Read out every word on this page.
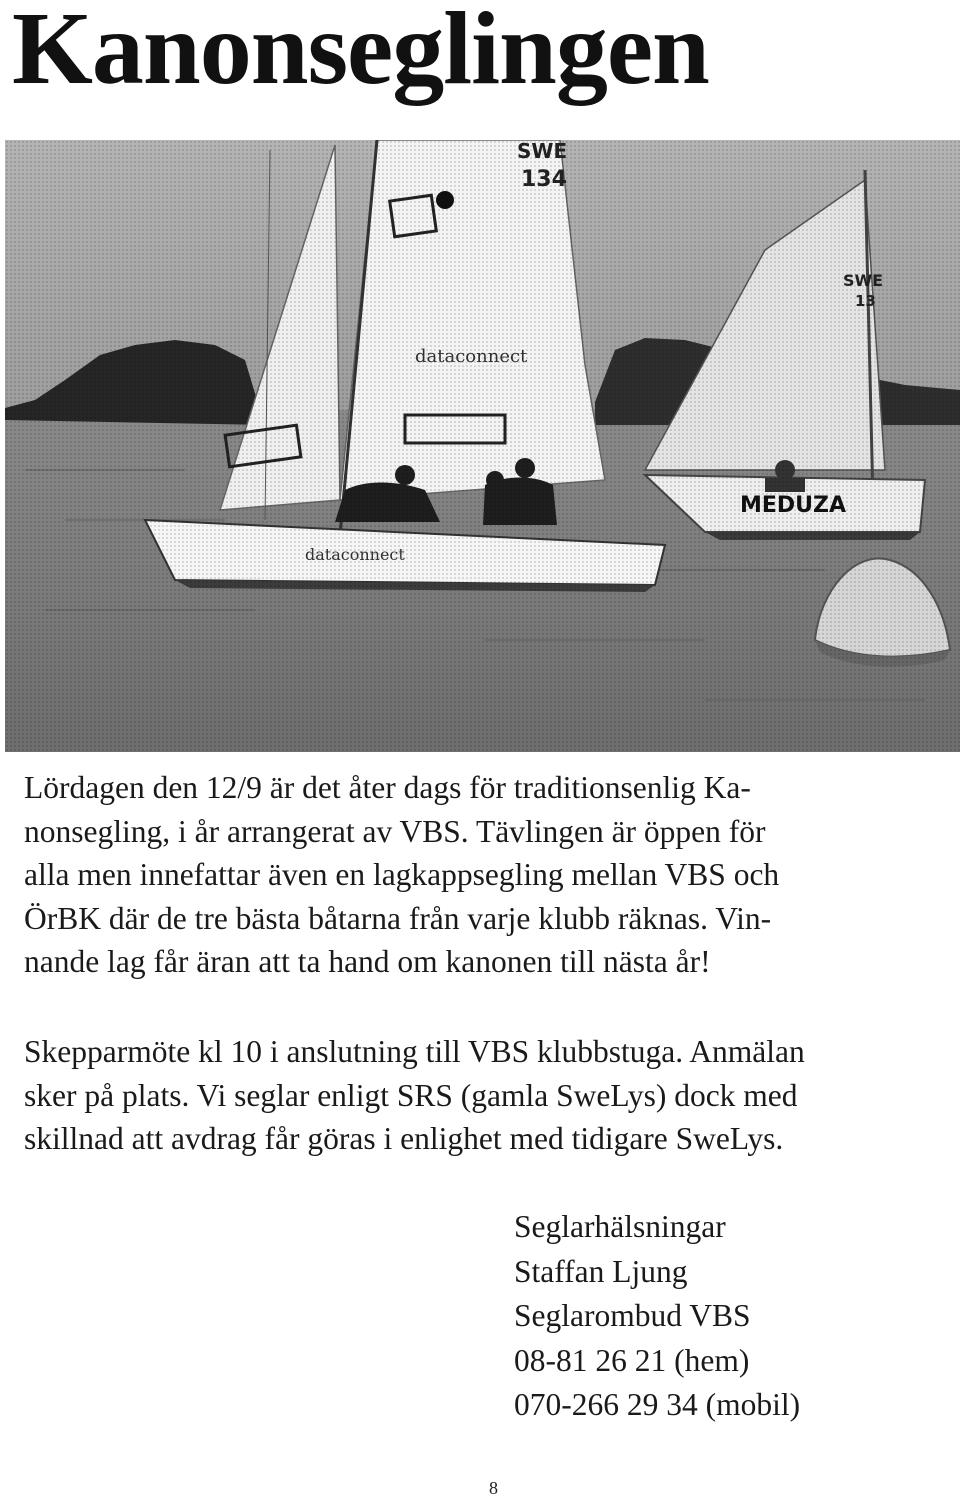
Kanonseglingen
Lördagen den 12/9 är det åter dags för traditionsenlig Ka-
nonsegling, i år arrangerat av VBS. Tävlingen är öppen för
alla men innefattar även en lagkappsegling mellan VBS och
ÖrBK där de tre bästa båtarna från varje klubb räknas. Vin-
nande lag får äran att ta hand om kanonen till nästa år!
Skepparmöte kl 10 i anslutning till VBS klubbstuga. Anmälan
sker på plats. Vi seglar enligt SRS (gamla SweLys) dock med
skillnad att avdrag får göras i enlighet med tidigare SweLys.
Seglarhälsningar
Staffan Ljung
Seglarombud VBS
08-81 26 21 (hem)
070-266 29 34 (mobil)
8
